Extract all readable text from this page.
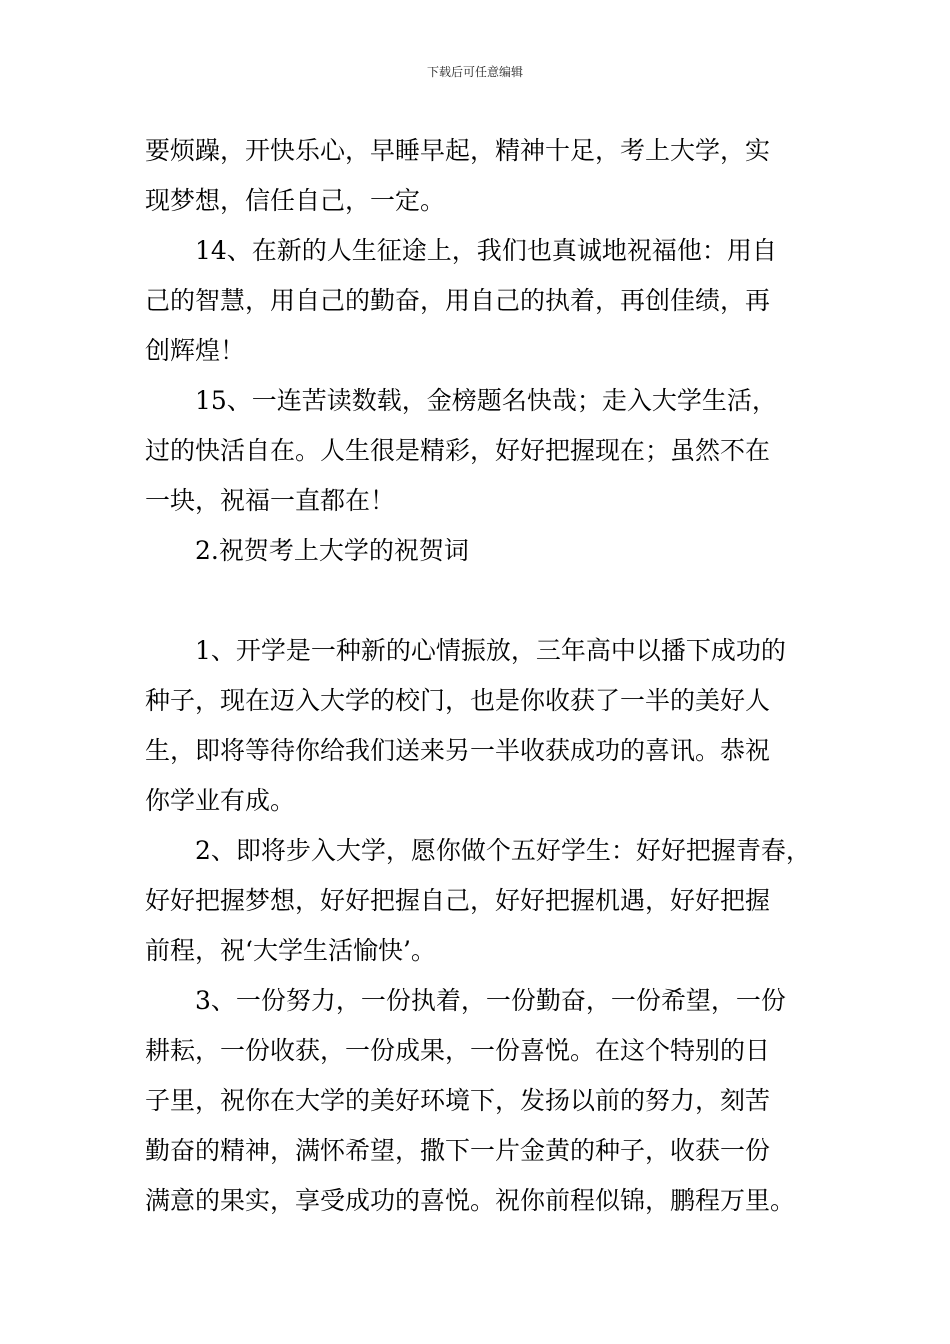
下载后可任意编辑
要烦躁，开快乐心，早睡早起，精神十足，考上大学，实
现梦想，信任自己，一定。
14、在新的人生征途上，我们也真诚地祝福他：用自
己的智慧，用自己的勤奋，用自己的执着，再创佳绩，再
创辉煌！
15、一连苦读数载，金榜题名快哉；走入大学生活，
过的快活自在。人生很是精彩，好好把握现在；虽然不在
一块，祝福一直都在！
2.祝贺考上大学的祝贺词
1、开学是一种新的心情振放，三年高中以播下成功的
种子，现在迈入大学的校门，也是你收获了一半的美好人
生，即将等待你给我们送来另一半收获成功的喜讯。恭祝
你学业有成。
2、即将步入大学，愿你做个五好学生：好好把握青春，
好好把握梦想，好好把握自己，好好把握机遇，好好把握
前程，祝‘大学生活愉快’。
3、一份努力，一份执着，一份勤奋，一份希望，一份
耕耘，一份收获，一份成果，一份喜悦。在这个特别的日
子里，祝你在大学的美好环境下，发扬以前的努力，刻苦
勤奋的精神，满怀希望，撒下一片金黄的种子，收获一份
满意的果实，享受成功的喜悦。祝你前程似锦，鹏程万里。
